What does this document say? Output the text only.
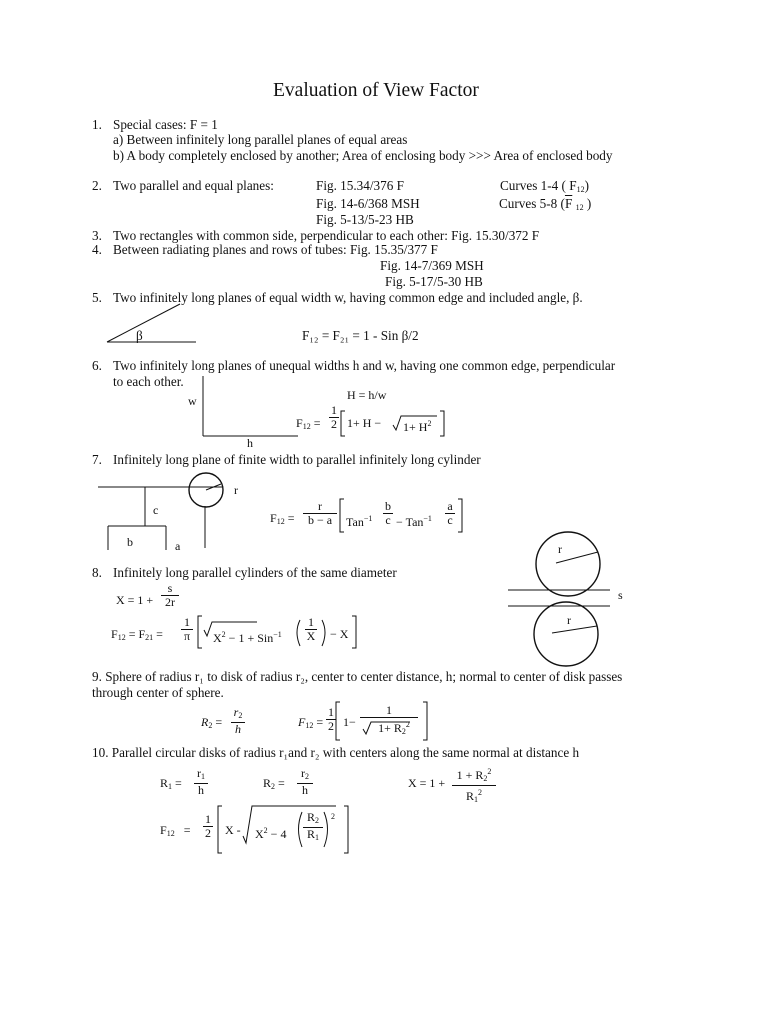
Evaluation of View Factor
1. Special cases: F = 1
a) Between infinitely long parallel planes of equal areas
b) A body completely enclosed by another; Area of enclosing body >>> Area of enclosed body
2. Two parallel and equal planes:	Fig. 15.34/376 F	Curves 1-4 ( $F_{12}$)
Fig. 14-6/368 MSH	Curves 5-8 ($\overline{F}$ $_{12}$ )
Fig. 5-13/5-23 HB
3. Two rectangles with common side, perpendicular to each other: Fig. 15.30/372 F
4. Between radiating planes and rows of tubes: Fig. 15.35/377 F
Fig. 14-7/369 MSH
Fig. 5-17/5-30 HB
5. Two infinitely long planes of equal width w, having common edge and included angle, β.
β	F₁₂ = F₂₁ = 1 - Sin β/2
6. Two infinitely long planes of unequal widths h and w, having one common edge, perpendicular
to each other.
w
h
H = h/w
$F_{12} = \frac{1}{2} 1+ H - 1+ H^2$
7. Infinitely long plane of finite width to parallel infinitely long cylinder
r
c
b	a
$F_{12} = \frac{r}{b - a} Tan^{-1} \frac{b}{c} - Tan^{-1} \frac{a}{c}$
8. Infinitely long parallel cylinders of the same diameter
r
s
r
$X = 1 + \frac{s}{2r}$
$F_{12} = F_{21} = \frac{1}{\pi} X^2 - 1 + Sin^{-1} \frac{1}{X} - X$
9. Sphere of radius r₁ to disk of radius r₂, center to center distance, h; normal to center of disk passes
through center of sphere.
$R_2 = \frac{r_2}{h}$	$F_{12} = \frac{1}{2} 1- \frac{1}{1+ R_2^2}$
10. Parallel circular disks of radius r₁and r₂ with centers along the same normal at distance h
$R_1 = \frac{r_1}{h}$	$R_2 = \frac{r_2}{h}$	$X = 1 + \frac{1 + R_2^2}{R_1^2}$
$F_{12} = \frac{1}{2}$ $X - X^2 - 4 \frac{R_2}{R_1} 2$
